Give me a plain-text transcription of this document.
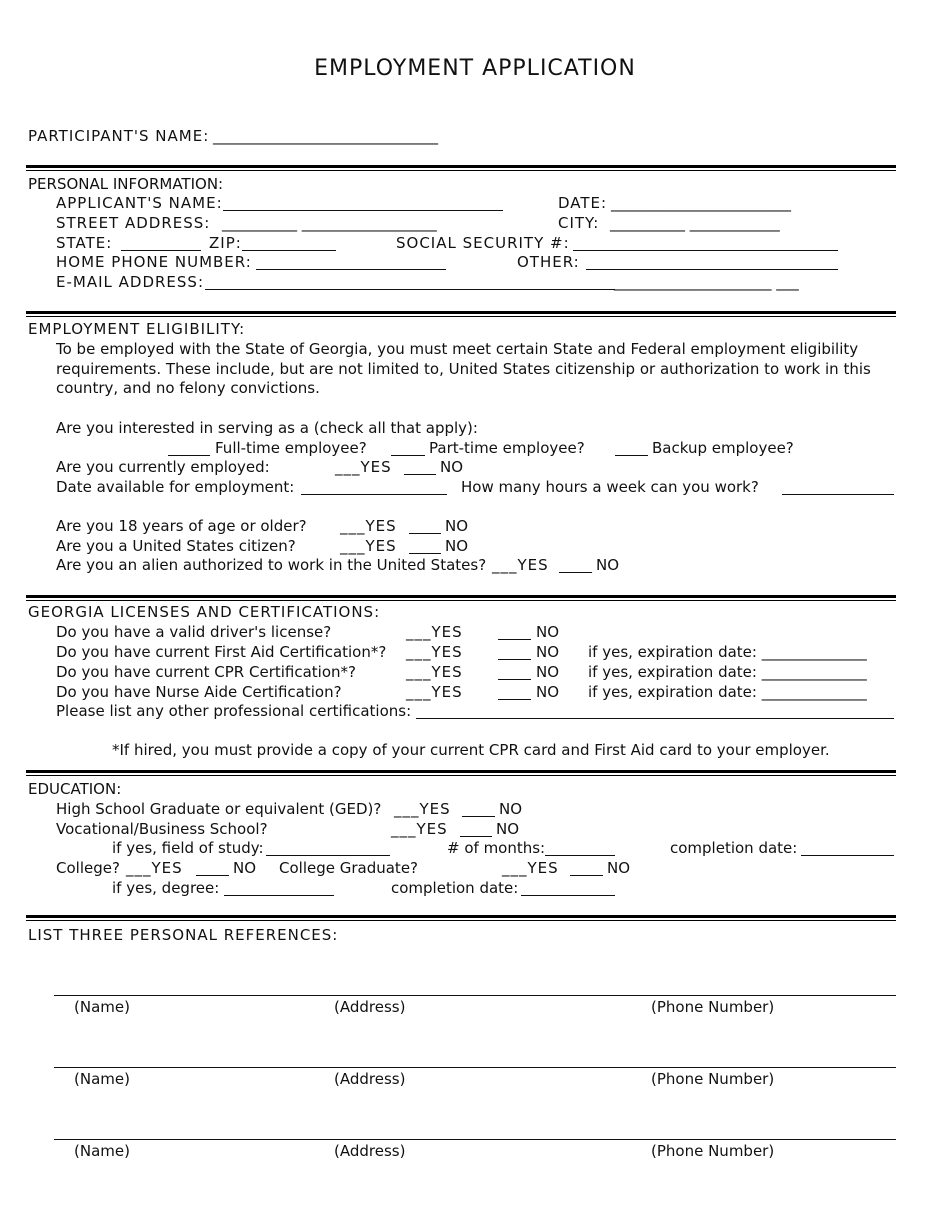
EMPLOYMENT APPLICATION
PARTICIPANT'S NAME: ______________________________
PERSONAL INFORMATION:
APPLICANT'S NAME:	DATE: ________________________
STREET ADDRESS: __________ __________________	CITY: __________ ____________
STATE:	ZIP:	SOCIAL SECURITY #:
HOME PHONE NUMBER:	OTHER:
E-MAIL ADDRESS:	_____________________ ___
EMPLOYMENT ELIGIBILITY:
To be employed with the State of Georgia, you must meet certain State and Federal employment eligibility
requirements. These include, but are not limited to, United States citizenship or authorization to work in this
country, and no felony convictions.
Are you interested in serving as a (check all that apply):
Full-time employee?	Part-time employee?	Backup employee?
Are you currently employed:	___YES	NO
Date available for employment:	How many hours a week can you work?
Are you 18 years of age or older? ___YES	NO
Are you a United States citizen?	___YES	NO
Are you an alien authorized to work in the United States? ___YES	NO
GEORGIA LICENSES AND CERTIFICATIONS:
Do you have a valid driver's license?	___YES	NO
Do you have current First Aid Certification*? ___YES	NO if yes, expiration date: ______________
Do you have current CPR Certification*?	___YES	NO if yes, expiration date: ______________
Do you have Nurse Aide Certification?	___YES	NO if yes, expiration date: ______________
Please list any other professional certifications:
*If hired, you must provide a copy of your current CPR card and First Aid card to your employer.
EDUCATION:
High School Graduate or equivalent (GED)? ___YES	NO
Vocational/Business School?	___YES	NO
if yes, field of study:	# of months:	completion date:
College? ___YES	NO College Graduate?	___YES	NO
if yes, degree:	completion date:
LIST THREE PERSONAL REFERENCES:
(Name)	(Address)	(Phone Number)
(Name)	(Address)	(Phone Number)
(Name)	(Address)	(Phone Number)
